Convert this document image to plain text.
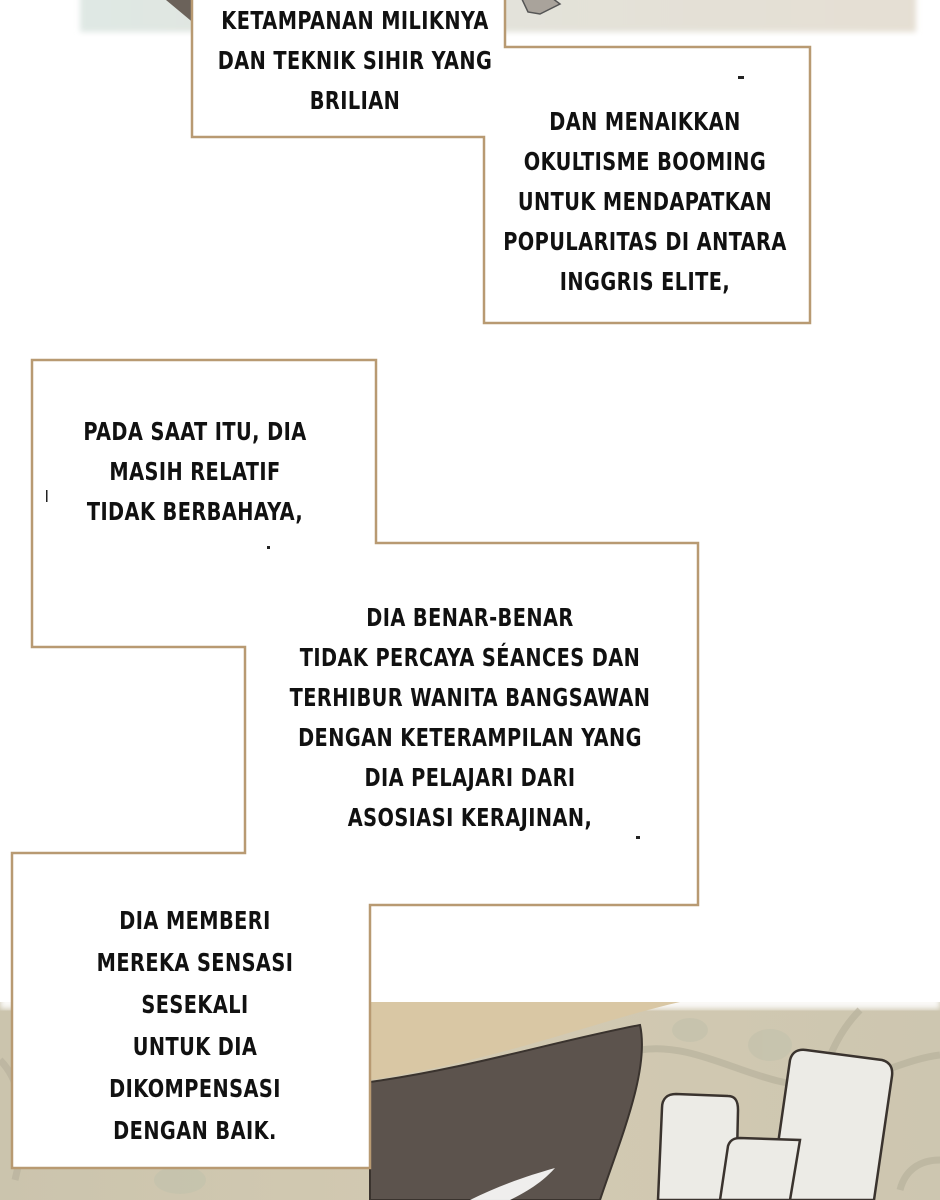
KETAMPANAN MILIKNYA
DAN TEKNIK SIHIR YANG
BRILIAN
DAN MENAIKKAN
OKULTISME BOOMING
UNTUK MENDAPATKAN
POPULARITAS DI ANTARA
INGGRIS ELITE,
PADA SAAT ITU, DIA
MASIH RELATIF
TIDAK BERBAHAYA,
DIA BENAR-BENAR
TIDAK PERCAYA SÉANCES DAN
TERHIBUR WANITA BANGSAWAN
DENGAN KETERAMPILAN YANG
DIA PELAJARI DARI
ASOSIASI KERAJINAN,
DIA MEMBERI
MEREKA SENSASI
SESEKALI
UNTUK DIA
DIKOMPENSASI
DENGAN BAIK.
